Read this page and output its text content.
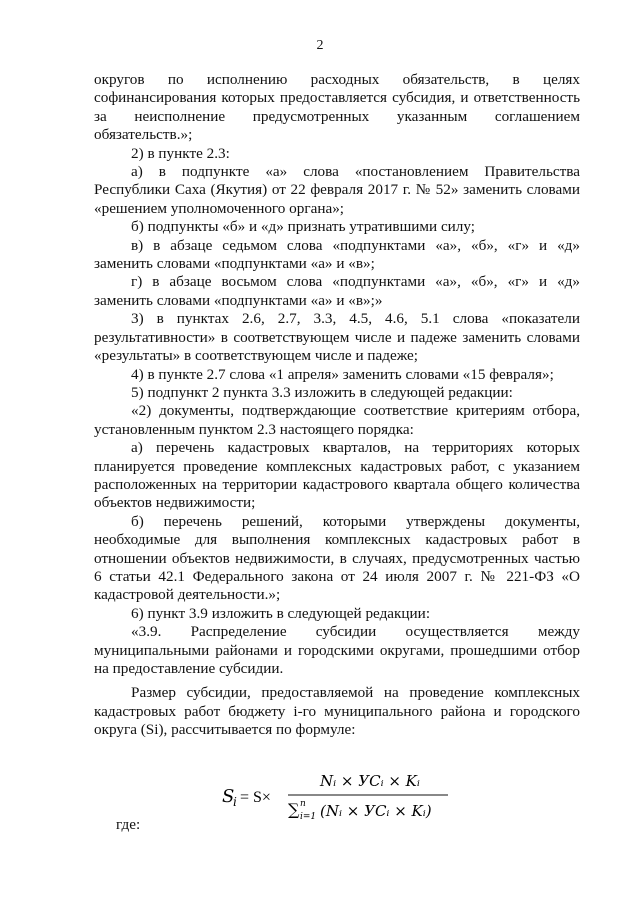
2

округов по исполнению расходных обязательств, в целях софинансирования которых предоставляется субсидия, и ответственность за неисполнение предусмотренных указанным соглашением обязательств.»;

2) в пункте 2.3:

а) в подпункте «а» слова «постановлением Правительства Республики Саха (Якутия) от 22 февраля 2017 г. № 52» заменить словами «решением уполномоченного органа»;

б) подпункты «б» и «д» признать утратившими силу;

в) в абзаце седьмом слова «подпунктами «а», «б», «г» и «д» заменить словами «подпунктами «а» и «в»;

г) в абзаце восьмом слова «подпунктами «а», «б», «г» и «д» заменить словами «подпунктами «а» и «в»;»

3) в пунктах 2.6, 2.7, 3.3, 4.5, 4.6, 5.1 слова «показатели результативности» в соответствующем числе и падеже заменить словами «результаты» в соответствующем числе и падеже;

4) в пункте 2.7 слова «1 апреля» заменить словами «15 февраля»;

5) подпункт 2 пункта 3.3 изложить в следующей редакции:

«2) документы, подтверждающие соответствие критериям отбора, установленным пунктом 2.3 настоящего порядка:

а) перечень кадастровых кварталов, на территориях которых планируется проведение комплексных кадастровых работ, с указанием расположенных на территории кадастрового квартала общего количества объектов недвижимости;

б) перечень решений, которыми утверждены документы, необходимые для выполнения комплексных кадастровых работ в отношении объектов недвижимости, в случаях, предусмотренных частью 6 статьи 42.1 Федерального закона от 24 июля 2007 г. № 221-ФЗ «О кадастровой деятельности.»;

6) пункт 3.9 изложить в следующей редакции:

«3.9. Распределение субсидии осуществляется между муниципальными районами и городскими округами, прошедшими отбор на предоставление субсидии.

Размер субсидии, предоставляемой на проведение комплексных кадастровых работ бюджету i-го муниципального района и городского округа (Si), рассчитывается по формуле:

S
i = S×
Nᵢ × УСᵢ × Kᵢ
∑ n
i=1 (Nᵢ × УСᵢ × Kᵢ)
где:
